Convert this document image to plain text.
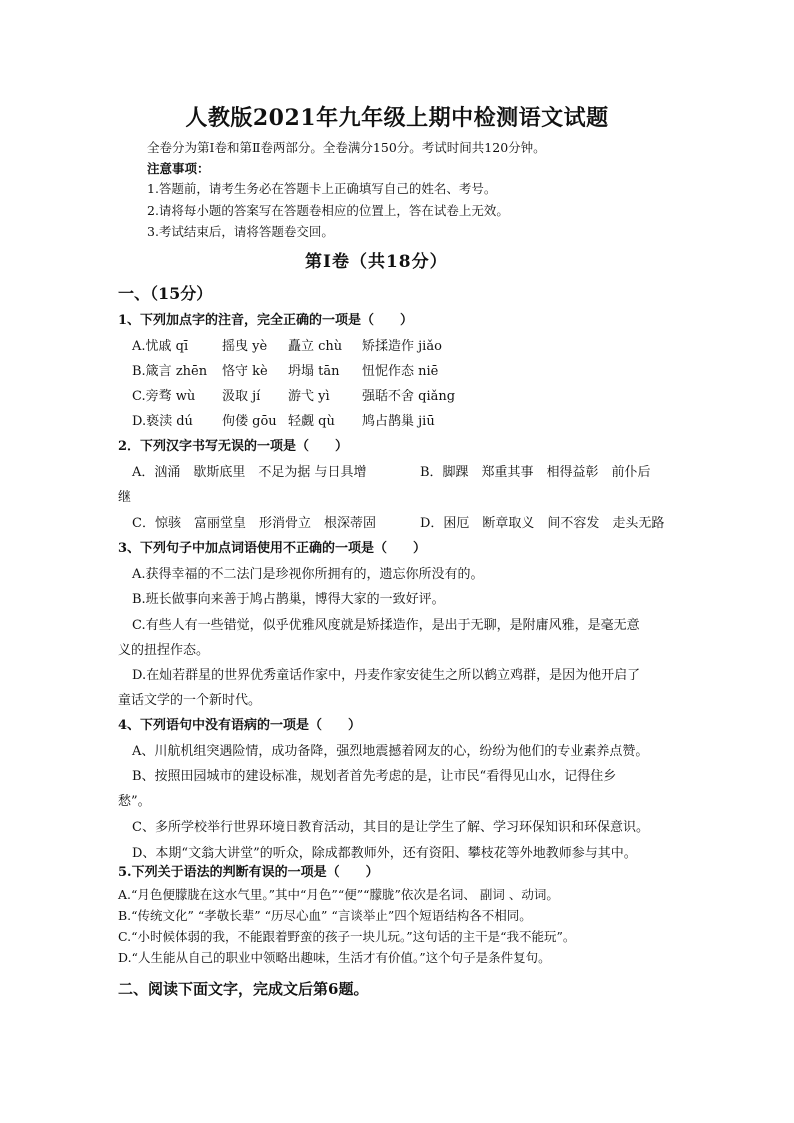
人教版2021年九年级上期中检测语文试题
全卷分为第Ⅰ卷和第Ⅱ卷两部分。全卷满分150分。考试时间共120分钟。
注意事项：
1.答题前，请考生务必在答题卡上正确填写自己的姓名、考号。
2.请将每小题的答案写在答题卷相应的位置上，答在试卷上无效。
3.考试结束后，请将答题卷交回。
第Ⅰ卷（共18分）
一、（15分）
1、下列加点字的注音，完全正确的一项是（　　）
A.忧戚 qī	摇曳 yè 矗立 chù 矫揉造作 jiǎo
B.箴言 zhēn 恪守 kè 坍塌 tān 忸怩作态 niē
C.旁骛 wù 汲取 jí 游弋 yì 强聒不舍 qiǎng
D.亵渎 dú 佝偻 gōu 轻觑 qù 鸠占鹊巢 jiū
2．下列汉字书写无误的一项是（　　）
A．汹涌　歇斯底里　不足为据 与日具增	B．脚踝　郑重其事　相得益彰　前仆后
继
C．惊骇　富丽堂皇　形消骨立　根深蒂固	D．困厄　断章取义　间不容发　走头无路
3、下列句子中加点词语使用不正确的一项是（　　）
A.获得幸福的不二法门是珍视你所拥有的，遗忘你所没有的。
B.班长做事向来善于鸠占鹊巢，博得大家的一致好评。
C.有些人有一些错觉，似乎优雅风度就是矫揉造作，是出于无聊，是附庸风雅，是毫无意
义的扭捏作态。
D.在灿若群星的世界优秀童话作家中，丹麦作家安徒生之所以鹤立鸡群，是因为他开启了
童话文学的一个新时代。
4、下列语句中没有语病的一项是（　　）
A、川航机组突遇险情，成功备降，强烈地震撼着网友的心，纷纷为他们的专业素养点赞。
B、按照田园城市的建设标准，规划者首先考虑的是，让市民“看得见山水，记得住乡
愁”。
C、多所学校举行世界环境日教育活动，其目的是让学生了解、学习环保知识和环保意识。
D、本期“文翁大讲堂”的听众，除成都教师外，还有资阳、攀枝花等外地教师参与其中。
5.下列关于语法的判断有误的一项是（　　）
A.“月色便朦胧在这水气里。”其中“月色”“便”“朦胧”依次是名词、 副词 、动词。
B.“传统文化” “孝敬长辈” “历尽心血” “言谈举止”四个短语结构各不相同。
C.“小时候体弱的我，不能跟着野蛮的孩子一块儿玩。”这句话的主干是“我不能玩”。
D.“人生能从自己的职业中领略出趣味，生活才有价值。”这个句子是条件复句。
二、阅读下面文字，完成文后第6题。
